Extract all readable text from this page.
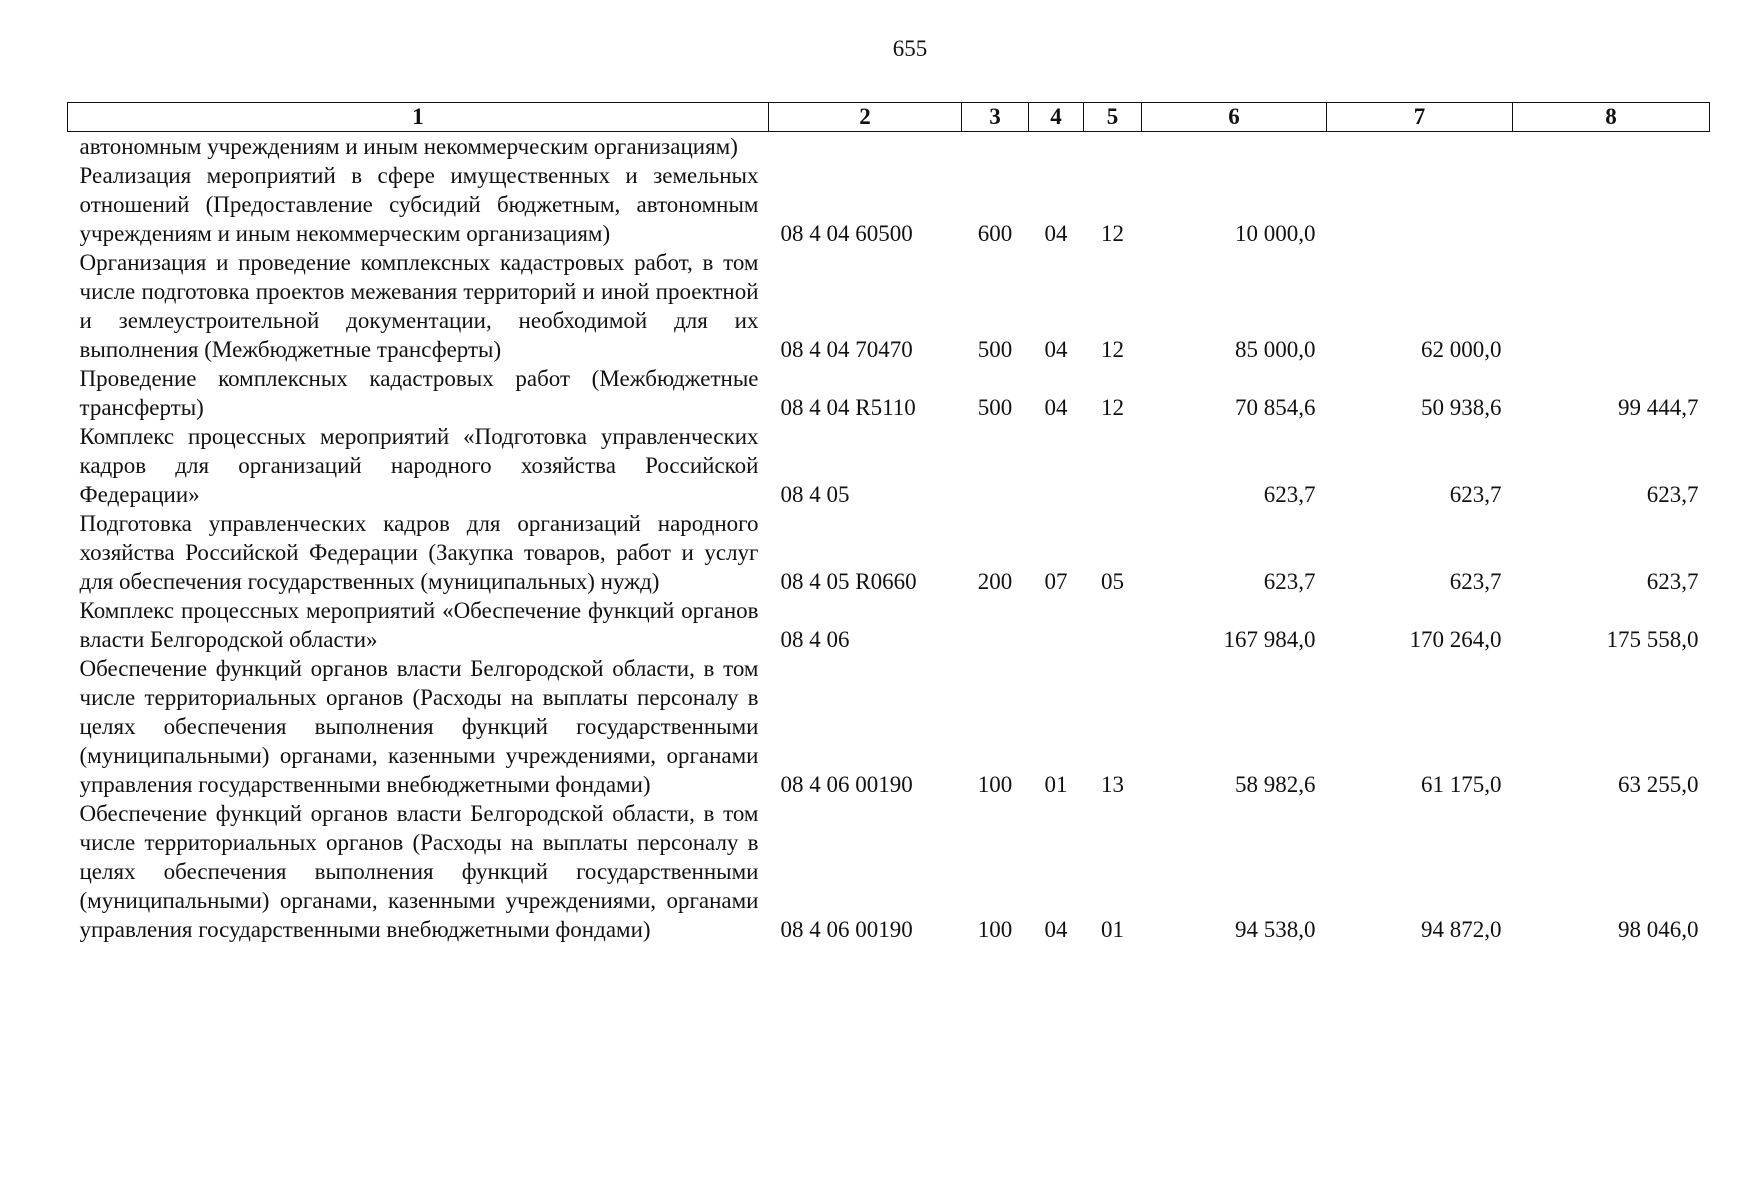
655
1	2	3	4	5	6	7	8
автономным учреждениям и иным некоммерческим организациям)							
Реализация мероприятий в сфере имущественных и земельных отношений (Предоставление субсидий бюджетным, автономным учреждениям и иным некоммерческим организациям)	08 4 04 60500	600	04	12	10 000,0		
Организация и проведение комплексных кадастровых работ, в том числе подготовка проектов межевания территорий и иной проектной и землеустроительной документации, необходимой для их выполнения (Межбюджетные трансферты)	08 4 04 70470	500	04	12	85 000,0	62 000,0	
Проведение комплексных кадастровых работ (Межбюджетные трансферты)	08 4 04 R5110	500	04	12	70 854,6	50 938,6	99 444,7
Комплекс процессных мероприятий «Подготовка управленческих кадров для организаций народного хозяйства Российской Федерации»	08 4 05				623,7	623,7	623,7
Подготовка управленческих кадров для организаций народного хозяйства Российской Федерации (Закупка товаров, работ и услуг для обеспечения государственных (муниципальных) нужд)	08 4 05 R0660	200	07	05	623,7	623,7	623,7
Комплекс процессных мероприятий «Обеспечение функций органов власти Белгородской области»	08 4 06				167 984,0	170 264,0	175 558,0
Обеспечение функций органов власти Белгородской области, в том числе территориальных органов (Расходы на выплаты персоналу в целях обеспечения выполнения функций государственными (муниципальными) органами, казенными учреждениями, органами управления государственными внебюджетными фондами)	08 4 06 00190	100	01	13	58 982,6	61 175,0	63 255,0
Обеспечение функций органов власти Белгородской области, в том числе территориальных органов (Расходы на выплаты персоналу в целях обеспечения выполнения функций государственными (муниципальными) органами, казенными учреждениями, органами управления государственными внебюджетными фондами)	08 4 06 00190	100	04	01	94 538,0	94 872,0	98 046,0
